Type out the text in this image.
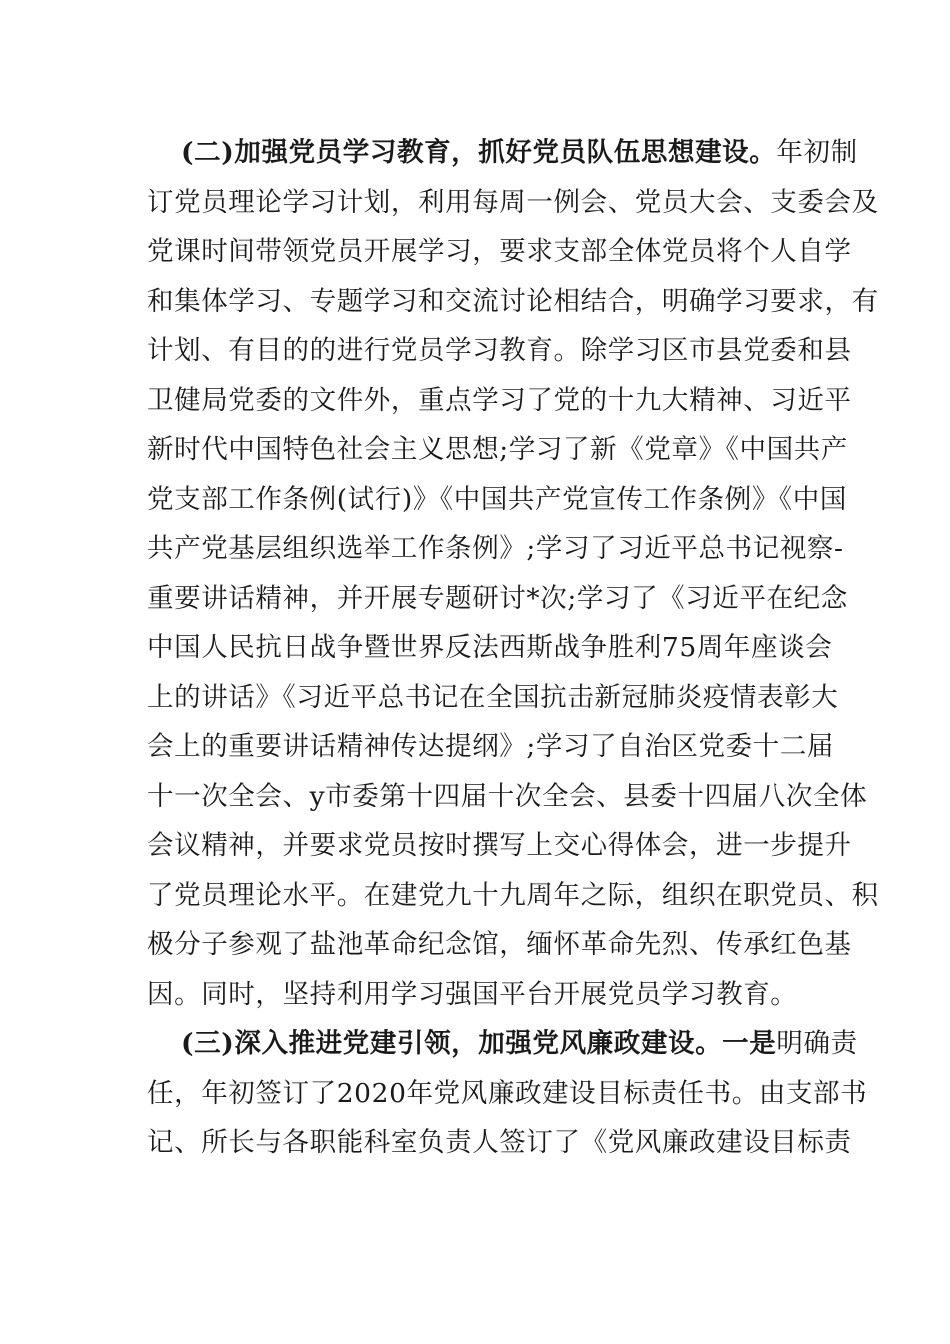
(二)加强党员学习教育，抓好党员队伍思想建设。年初制
订党员理论学习计划，利用每周一例会、党员大会、支委会及
党课时间带领党员开展学习，要求支部全体党员将个人自学
和集体学习、专题学习和交流讨论相结合，明确学习要求，有
计划、有目的的进行党员学习教育。除学习区市县党委和县
卫健局党委的文件外，重点学习了党的十九大精神、习近平
新时代中国特色社会主义思想;学习了新《党章》《中国共产
党支部工作条例(试行)》《中国共产党宣传工作条例》《中国
共产党基层组织选举工作条例》;学习了习近平总书记视察-
重要讲话精神，并开展专题研讨*次;学习了《习近平在纪念
中国人民抗日战争暨世界反法西斯战争胜利75周年座谈会
上的讲话》《习近平总书记在全国抗击新冠肺炎疫情表彰大
会上的重要讲话精神传达提纲》;学习了自治区党委十二届
十一次全会、y市委第十四届十次全会、县委十四届八次全体
会议精神，并要求党员按时撰写上交心得体会，进一步提升
了党员理论水平。在建党九十九周年之际，组织在职党员、积
极分子参观了盐池革命纪念馆，缅怀革命先烈、传承红色基
因。同时，坚持利用学习强国平台开展党员学习教育。
(三)深入推进党建引领，加强党风廉政建设。一是明确责
任，年初签订了2020年党风廉政建设目标责任书。由支部书
记、所长与各职能科室负责人签订了《党风廉政建设目标责
